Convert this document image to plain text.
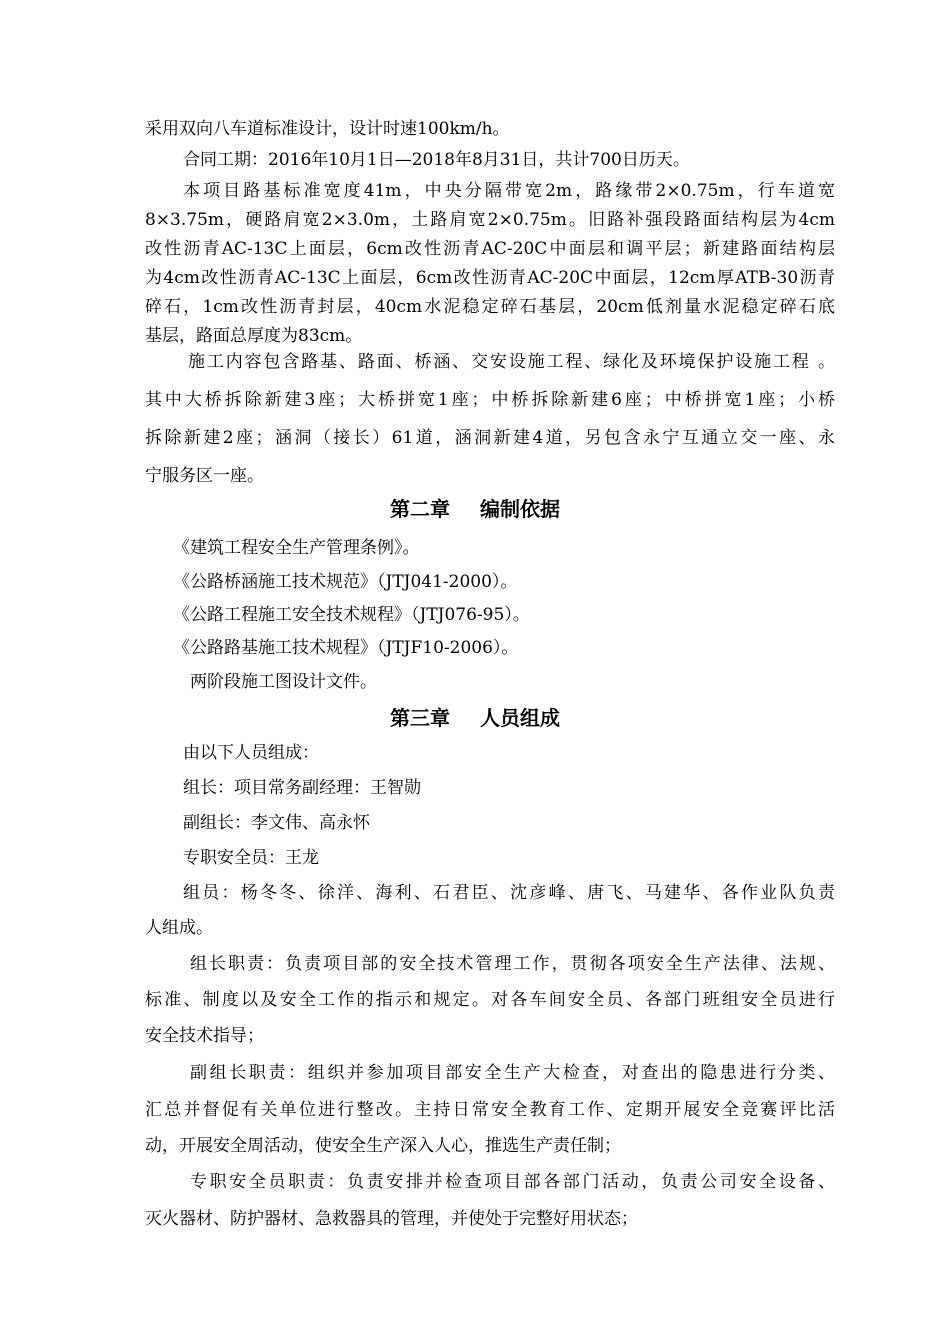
采用双向八车道标准设计，设计时速100km/h。
合同工期：2016年10月1日—2018年8月31日，共计700日历天。
本项目路基标准宽度41m，中央分隔带宽2m，路缘带2×0.75m，行车道宽
8×3.75m，硬路肩宽2×3.0m，土路肩宽2×0.75m。旧路补强段路面结构层为4cm
改性沥青AC-13C上面层，6cm改性沥青AC-20C中面层和调平层；新建路面结构层
为4cm改性沥青AC-13C上面层，6cm改性沥青AC-20C中面层，12cm厚ATB-30沥青
碎石，1cm改性沥青封层，40cm水泥稳定碎石基层，20cm低剂量水泥稳定碎石底
基层，路面总厚度为83cm。
施工内容包含路基、路面、桥涵、交安设施工程、绿化及环境保护设施工程 。
其中大桥拆除新建3座；大桥拼宽1座；中桥拆除新建6座；中桥拼宽1座；小桥
拆除新建2座；涵洞（接长）61道，涵洞新建4道，另包含永宁互通立交一座、永
宁服务区一座。
第二章 编制依据
《建筑工程安全生产管理条例》。
《公路桥涵施工技术规范》（JTJ041-2000）。
《公路工程施工安全技术规程》（JTJ076-95）。
《公路路基施工技术规程》（JTJF10-2006）。
两阶段施工图设计文件。
第三章 人员组成
由以下人员组成：
组长：项目常务副经理：王智勋
副组长：李文伟、高永怀
专职安全员：王龙
组员：杨冬冬、徐洋、海利、石君臣、沈彦峰、唐飞、马建华、各作业队负责
人组成。
组长职责：负责项目部的安全技术管理工作，贯彻各项安全生产法律、法规、
标准、制度以及安全工作的指示和规定。对各车间安全员、各部门班组安全员进行
安全技术指导；
副组长职责：组织并参加项目部安全生产大检查，对查出的隐患进行分类、
汇总并督促有关单位进行整改。主持日常安全教育工作、定期开展安全竞赛评比活
动，开展安全周活动，使安全生产深入人心，推选生产责任制；
专职安全员职责：负责安排并检查项目部各部门活动，负责公司安全设备、
灭火器材、防护器材、急救器具的管理，并使处于完整好用状态；
